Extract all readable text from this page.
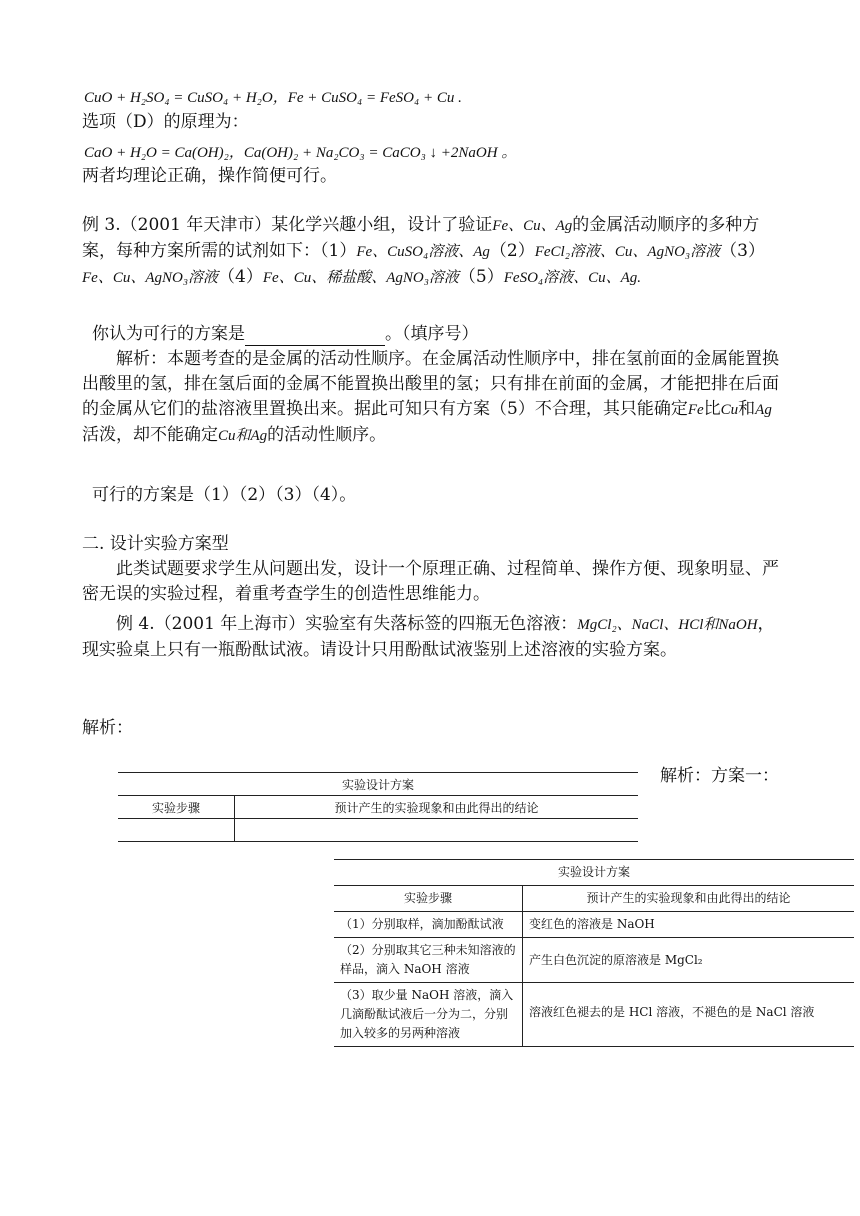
CuO + H₂SO₄ = CuSO₄ + H₂O，Fe + CuSO₄ = FeSO₄ + Cu .
选项（D）的原理为：
CaO + H₂O = Ca(OH)₂，Ca(OH)₂ + Na₂CO₃ = CaCO₃ ↓ +2NaOH 。
两者均理论正确，操作简便可行。
例 3.（2001 年天津市）某化学兴趣小组，设计了验证Fe、Cu、Ag的金属活动顺序的多种方案，每种方案所需的试剂如下：（1）Fe、CuSO₄溶液、Ag（2）FeCl₂溶液、Cu、AgNO₃溶液（3）Fe、Cu、AgNO₃溶液（4）Fe、Cu、稀盐酸、AgNO₃溶液（5）FeSO₄溶液、Cu、Ag.
你认为可行的方案是	。（填序号）
解析：本题考查的是金属的活动性顺序。在金属活动性顺序中，排在氢前面的金属能置换出酸里的氢，排在氢后面的金属不能置换出酸里的氢；只有排在前面的金属，才能把排在后面的金属从它们的盐溶液里置换出来。据此可知只有方案（5）不合理，其只能确定Fe比Cu和Ag活泼，却不能确定Cu和Ag的活动性顺序。
可行的方案是（1）（2）（3）（4）。
二. 设计实验方案型
此类试题要求学生从问题出发，设计一个原理正确、过程简单、操作方便、现象明显、严密无误的实验过程，着重考查学生的创造性思维能力。
例 4.（2001 年上海市）实验室有失落标签的四瓶无色溶液：MgCl₂、NaCl、HCl和NaOH，现实验桌上只有一瓶酚酞试液。请设计只用酚酞试液鉴别上述溶液的实验方案。
解析：
实验设计方案	
实验步骤	预计产生的实验现象和由此得出的结论

解析：方案一：
实验设计方案	
实验步骤	预计产生的实验现象和由此得出的结论
（1）分别取样，滴加酚酞试液	变红色的溶液是 NaOH
（2）分别取其它三种未知溶液的样品，滴入 NaOH 溶液	产生白色沉淀的原溶液是 MgCl₂
（3）取少量 NaOH 溶液，滴入几滴酚酞试液后一分为二，分别加入较多的另两种溶液	溶液红色褪去的是 HCl 溶液，不褪色的是 NaCl 溶液
